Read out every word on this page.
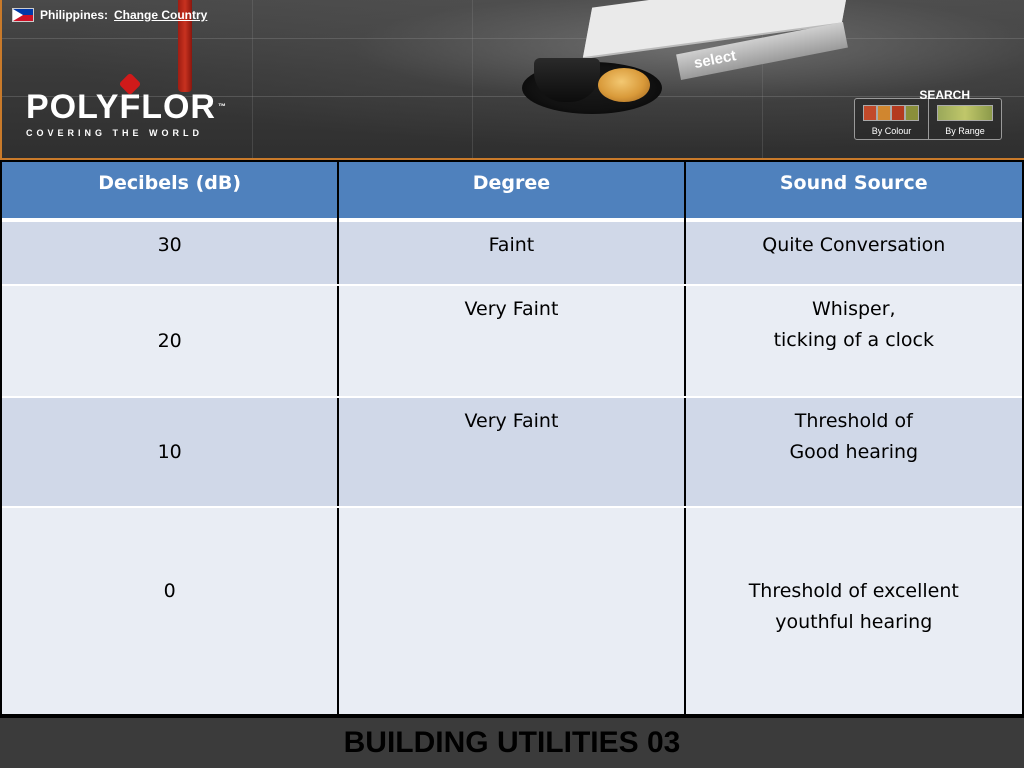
select
Philippines: Change Country
POLYFLOR ™
COVERING THE WORLD	By Colour	By Range
SEARCH
Decibels (dB)	Degree	Sound Source
30	Faint	Quite Conversation

20	Very Faint	Whisper,
ticking of a clock

10	Very Faint	Threshold of
Good hearing

0		Threshold of excellent
youthful hearing
BUILDING UTILITIES 03
